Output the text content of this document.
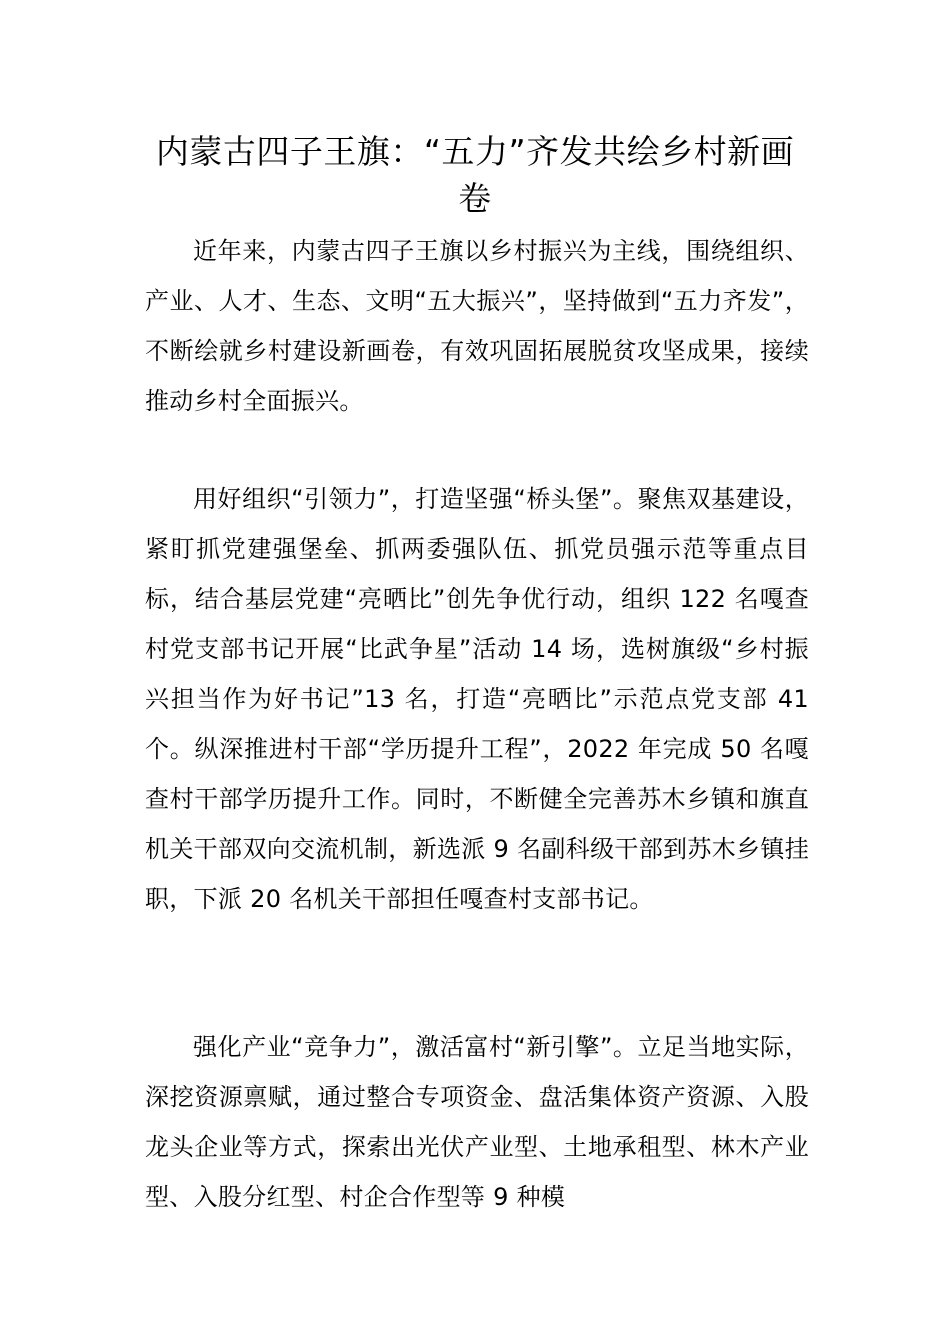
内蒙古四子王旗：“五力”齐发共绘乡村新画卷

近年来，内蒙古四子王旗以乡村振兴为主线，围绕组织、产业、人才、生态、文明“五大振兴”，坚持做到“五力齐发”，不断绘就乡村建设新画卷，有效巩固拓展脱贫攻坚成果，接续推动乡村全面振兴。

用好组织“引领力”，打造坚强“桥头堡”。聚焦双基建设，紧盯抓党建强堡垒、抓两委强队伍、抓党员强示范等重点目标，结合基层党建“亮晒比”创先争优行动，组织 122 名嘎查村党支部书记开展“比武争星”活动 14 场，选树旗级“乡村振兴担当作为好书记”13 名，打造“亮晒比”示范点党支部 41 个。纵深推进村干部“学历提升工程”，2022 年完成 50 名嘎查村干部学历提升工作。同时，不断健全完善苏木乡镇和旗直机关干部双向交流机制，新选派 9 名副科级干部到苏木乡镇挂职，下派 20 名机关干部担任嘎查村支部书记。

强化产业“竞争力”，激活富村“新引擎”。立足当地实际，深挖资源禀赋，通过整合专项资金、盘活集体资产资源、入股龙头企业等方式，探索出光伏产业型、土地承租型、林木产业型、入股分红型、村企合作型等 9 种模
